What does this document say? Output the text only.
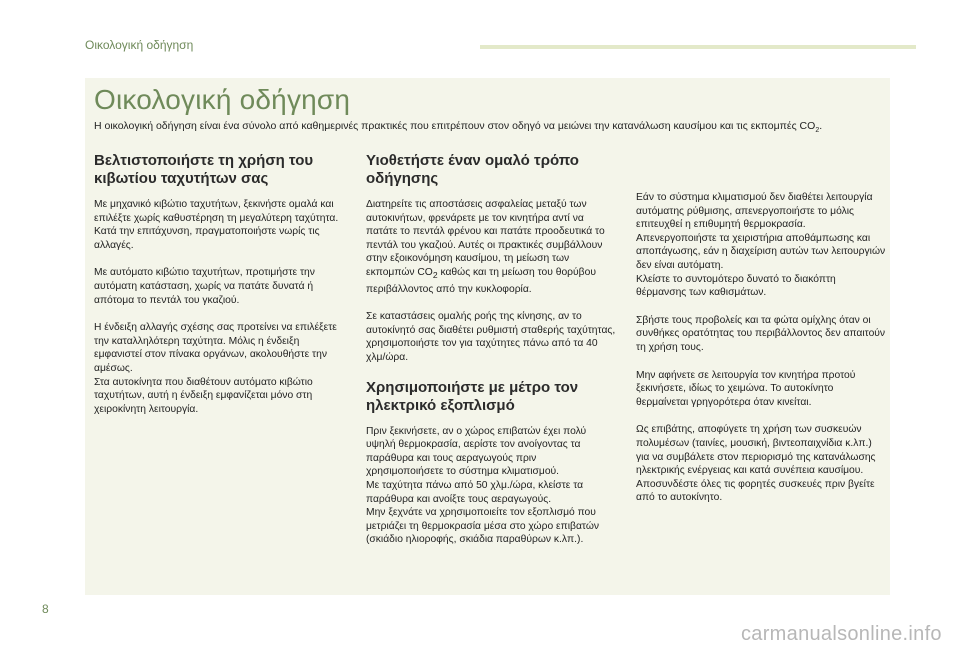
Οικολογική οδήγηση
Οικολογική οδήγηση
Η οικολογική οδήγηση είναι ένα σύνολο από καθημερινές πρακτικές που επιτρέπουν στον οδηγό να μειώνει την κατανάλωση καυσίμου και τις εκπομπές $CO_2$.
Βελτιστοποιήστε τη χρήση του κιβωτίου ταχυτήτων σας

Με μηχανικό κιβώτιο ταχυτήτων, ξεκινήστε ομαλά και επιλέξτε χωρίς καθυστέρηση τη μεγαλύτερη ταχύτητα. Κατά την επιτάχυνση, πραγματοποιήστε νωρίς τις αλλαγές.

Με αυτόματο κιβώτιο ταχυτήτων, προτιμήστε την αυτόματη κατάσταση, χωρίς να πατάτε δυνατά ή απότομα το πεντάλ του γκαζιού.

Η ένδειξη αλλαγής σχέσης σας προτείνει να επιλέξετε την καταλληλότερη ταχύτητα. Μόλις η ένδειξη εμφανιστεί στον πίνακα οργάνων, ακολουθήστε την αμέσως.
Στα αυτοκίνητα που διαθέτουν αυτόματο κιβώτιο ταχυτήτων, αυτή η ένδειξη εμφανίζεται μόνο στη χειροκίνητη λειτουργία.

Υιοθετήστε έναν ομαλό τρόπο οδήγησης

Διατηρείτε τις αποστάσεις ασφαλείας μεταξύ των αυτοκινήτων, φρενάρετε με τον κινητήρα αντί να πατάτε το πεντάλ φρένου και πατάτε προοδευτικά το πεντάλ του γκαζιού. Αυτές οι πρακτικές συμβάλλουν στην εξοικονόμηση καυσίμου, τη μείωση των εκπομπών $CO_2$ καθώς και τη μείωση του θορύβου περιβάλλοντος από την κυκλοφορία.

Σε καταστάσεις ομαλής ροής της κίνησης, αν το αυτοκίνητό σας διαθέτει ρυθμιστή σταθερής ταχύτητας, χρησιμοποιήστε τον για ταχύτητες πάνω από τα 40 χλμ/ώρα.

Χρησιμοποιήστε με μέτρο τον ηλεκτρικό εξοπλισμό

Πριν ξεκινήσετε, αν ο χώρος επιβατών έχει πολύ υψηλή θερμοκρασία, αερίστε τον ανοίγοντας τα παράθυρα και τους αεραγωγούς πριν χρησιμοποιήσετε το σύστημα κλιματισμού.
Με ταχύτητα πάνω από 50 χλμ./ώρα, κλείστε τα παράθυρα και ανοίξτε τους αεραγωγούς.
Μην ξεχνάτε να χρησιμοποιείτε τον εξοπλισμό που μετριάζει τη θερμοκρασία μέσα στο χώρο επιβατών (σκιάδιο ηλιοροφής, σκιάδια παραθύρων κ.λπ.).

Εάν το σύστημα κλιματισμού δεν διαθέτει λειτουργία αυτόματης ρύθμισης, απενεργοποιήστε το μόλις επιτευχθεί η επιθυμητή θερμοκρασία.
Απενεργοποιήστε τα χειριστήρια αποθάμπωσης και αποπάγωσης, εάν η διαχείριση αυτών των λειτουργιών δεν είναι αυτόματη.
Κλείστε το συντομότερο δυνατό το διακόπτη θέρμανσης των καθισμάτων.

Σβήστε τους προβολείς και τα φώτα ομίχλης όταν οι συνθήκες ορατότητας του περιβάλλοντος δεν απαιτούν τη χρήση τους.

Μην αφήνετε σε λειτουργία τον κινητήρα προτού ξεκινήσετε, ιδίως το χειμώνα. Το αυτοκίνητο θερμαίνεται γρηγορότερα όταν κινείται.

Ως επιβάτης, αποφύγετε τη χρήση των συσκευών πολυμέσων (ταινίες, μουσική, βιντεοπαιχνίδια κ.λπ.) για να συμβάλετε στον περιορισμό της κατανάλωσης ηλεκτρικής ενέργειας και κατά συνέπεια καυσίμου.
Αποσυνδέστε όλες τις φορητές συσκευές πριν βγείτε από το αυτοκίνητο.

8
carmanualsonline.info
